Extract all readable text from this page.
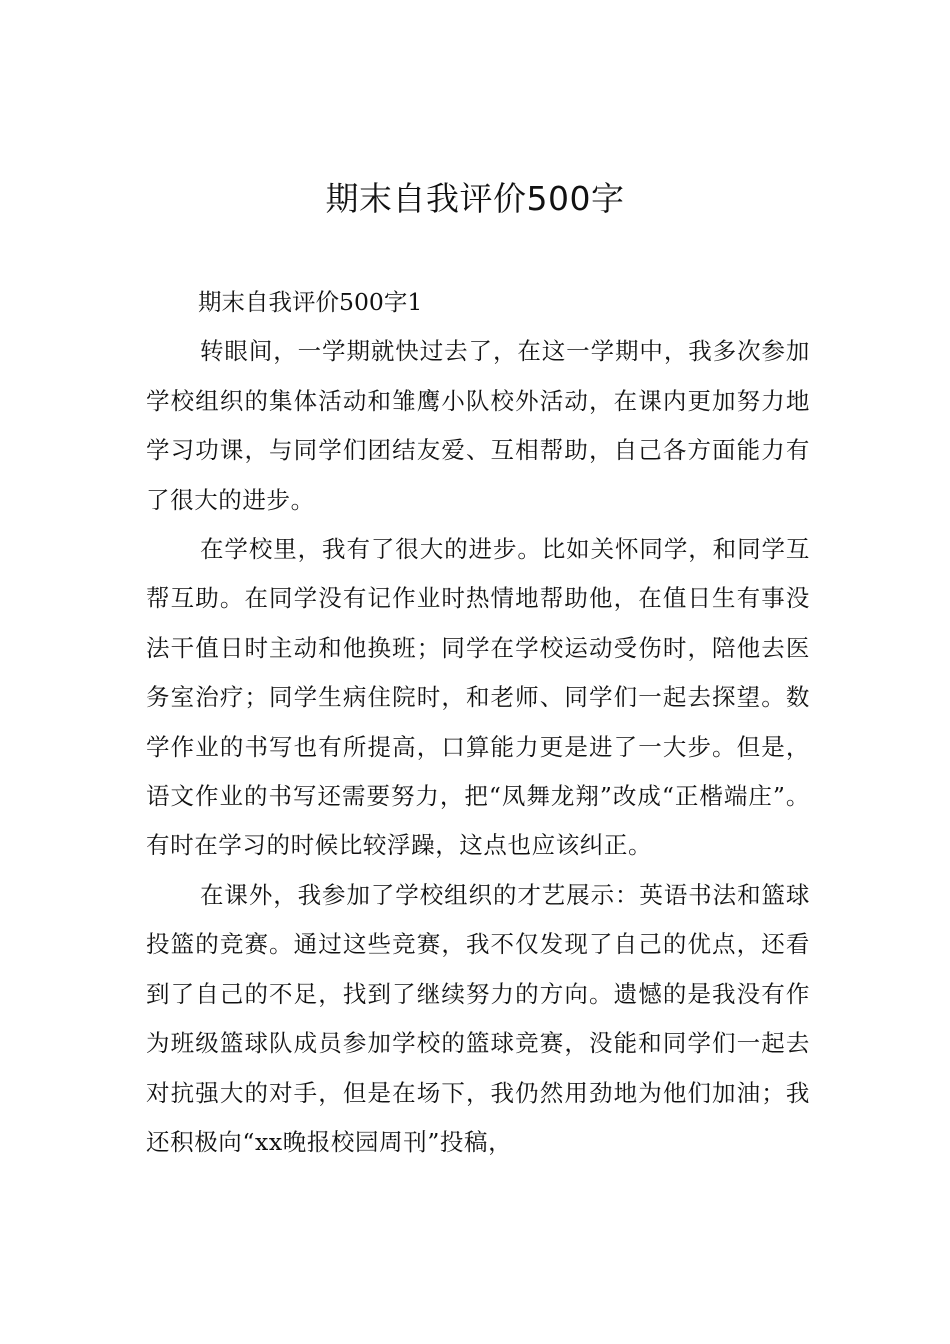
期末自我评价500字
期末自我评价500字1

转眼间，一学期就快过去了，在这一学期中，我多次参加学校组织的集体活动和雏鹰小队校外活动，在课内更加努力地学习功课，与同学们团结友爱、互相帮助，自己各方面能力有了很大的进步。

在学校里，我有了很大的进步。比如关怀同学，和同学互帮互助。在同学没有记作业时热情地帮助他，在值日生有事没法干值日时主动和他换班；同学在学校运动受伤时，陪他去医务室治疗；同学生病住院时，和老师、同学们一起去探望。数学作业的书写也有所提高，口算能力更是进了一大步。但是，语文作业的书写还需要努力，把“凤舞龙翔”改成“正楷端庄”。有时在学习的时候比较浮躁，这点也应该纠正。

在课外，我参加了学校组织的才艺展示：英语书法和篮球投篮的竞赛。通过这些竞赛，我不仅发现了自己的优点，还看到了自己的不足，找到了继续努力的方向。遗憾的是我没有作为班级篮球队成员参加学校的篮球竞赛，没能和同学们一起去对抗强大的对手，但是在场下，我仍然用劲地为他们加油；我还积极向“xx晚报校园周刊”投稿，
